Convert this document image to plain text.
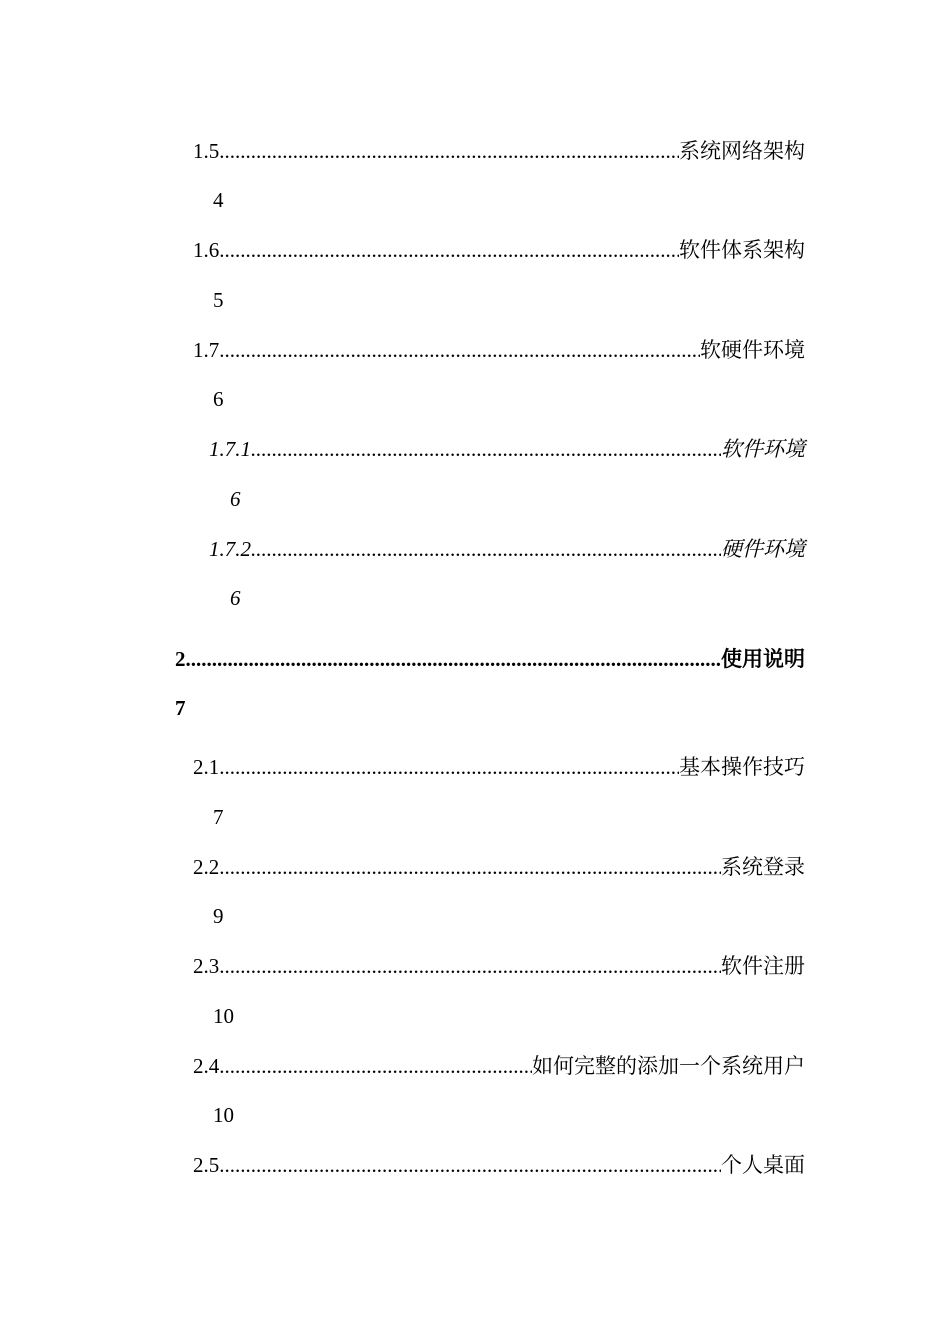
1.5 .....	系统网络架构
4
1.6 .....	软件体系架构
5
1.7 .....	软硬件环境
6
1.7.1 .....	软件环境
6
1.7.2 .....	硬件环境
6
2 .....	使用说明
7
2.1 .....	基本操作技巧
7
2.2 .....	系统登录
9
2.3 .....	软件注册
10
2.4 .....	如何完整的添加一个系统用户
10
2.5 .....	个人桌面
